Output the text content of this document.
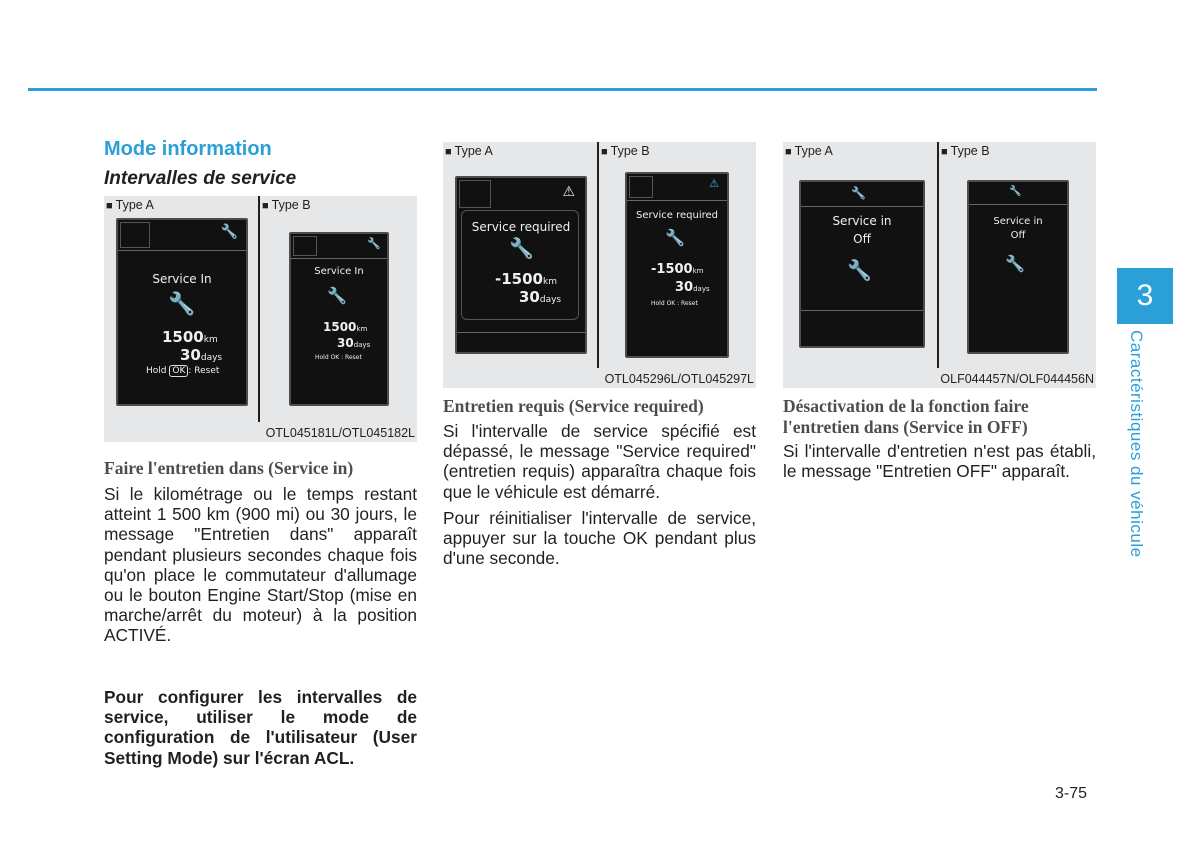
Mode information
Intervalles de service
■ Type A	■ Type B
🔧
Service In
🔧
1500km
30days
Hold OK : Reset
🔧
Service In
🔧
1500km
30days
Hold OK : Reset
OTL045181L/OTL045182L
■ Type A	■ Type B
⚠
Service required
🔧
-1500km
30days
⚠
Service required
🔧
-1500km
30days
Hold OK : Reset
OTL045296L/OTL045297L
■ Type A	■ Type B
🔧
Service in
Off
🔧
🔧
Service in
Off
🔧
OLF044457N/OLF044456N
Faire l'entretien dans (Service in)

Si le kilométrage ou le temps restant atteint 1 500 km (900 mi) ou 30 jours, le message "Entretien dans" apparaît pendant plusieurs secondes chaque fois qu'on place le commutateur d'allumage ou le bouton Engine Start/Stop (mise en marche/arrêt du moteur) à la position ACTIVÉ.

Pour configurer les intervalles de service, utiliser le mode de configuration de l'utilisateur (User Setting Mode) sur l'écran ACL.

Entretien requis (Service required)

Si l'intervalle de service spécifié est dépassé, le message "Service required" (entretien requis) apparaîtra chaque fois que le véhicule est démarré.

Pour réinitialiser l'intervalle de service, appuyer sur la touche OK pendant plus d'une seconde.

Désactivation de la fonction faire l'entretien dans (Service in OFF)

Si l'intervalle d'entretien n'est pas établi, le message "Entretien OFF" apparaît.

3
Caractéristiques du véhicule
3-75
